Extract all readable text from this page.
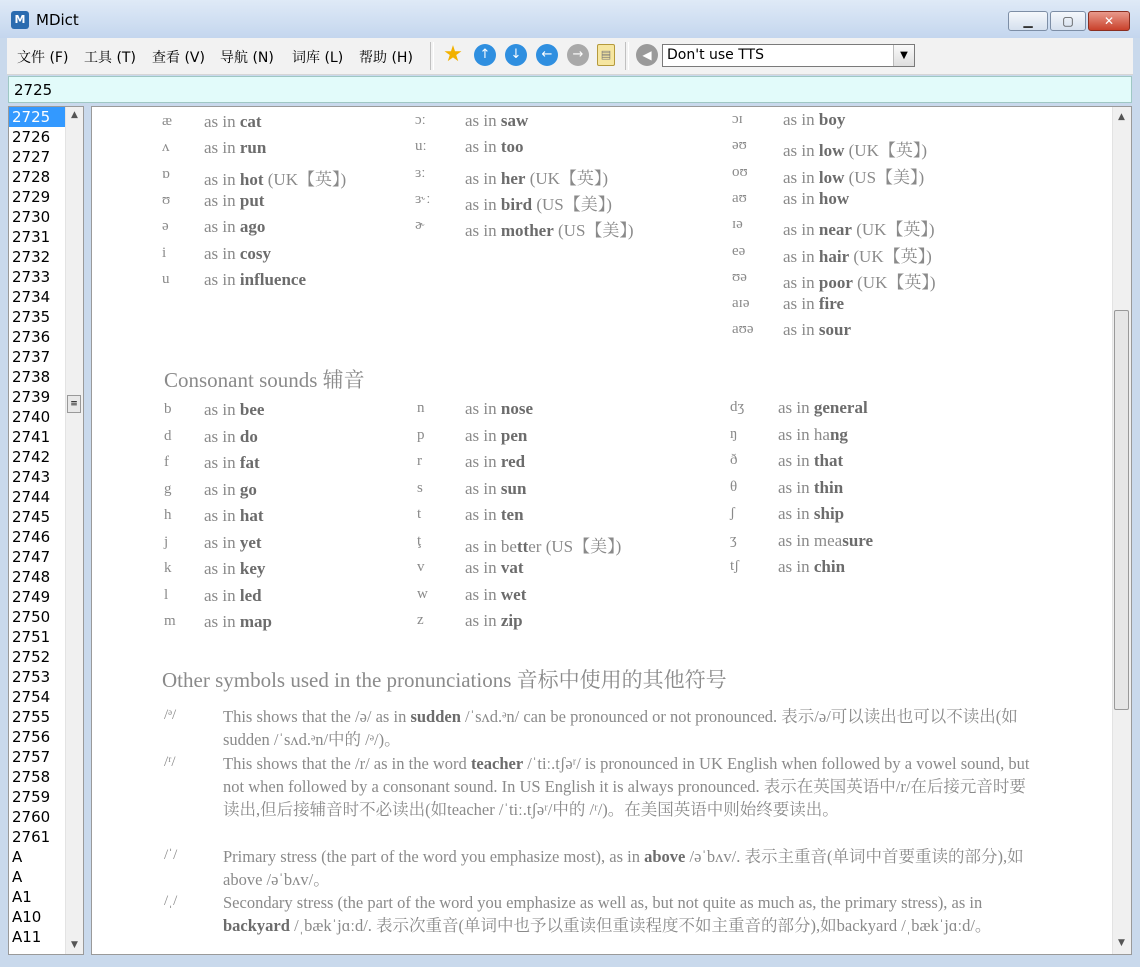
M MDict	▁	▢	✕
文件 (F) 工具 (T) 查看 (V) 导航 (N) 词库 (L) 帮助 (H) ★	↑	↓	←	→	▤	◀	Don't use TTS	▼
2725
2725
2726
2727
2728
2729
2730
2731
2732
2733
2734
2735
2736
2737
2738
2739
2740
2741
2742
2743
2744
2745
2746
2747
2748
2749
2750
2751
2752
2753
2754
2755
2756
2757
2758
2759
2760
2761
A
A
A1
A10
A11
▲
≡
▼
Consonant sounds 辅音
Other symbols used in the pronunciations 音标中使用的其他符号
æ as in cat
ʌ as in run
ɒ as in hot (UK【英】)
ʊ as in put
ə as in ago
i as in cosy
u as in influence
ɔː as in saw
uː as in too
ɜː as in her (UK【英】)
ɜ˞ː as in bird (US【美】)
ɚ as in mother (US【美】)
ɔɪ as in boy
əʊ as in low (UK【英】)
oʊ as in low (US【美】)
aʊ as in how
ɪə as in near (UK【英】)
eə as in hair (UK【英】)
ʊə as in poor (UK【英】)
aɪə as in fire
aʊə as in sour
b as in bee
d as in do
f as in fat
g as in go
h as in hat
j as in yet
k as in key
l as in led
m as in map
n as in nose
p as in pen
r	as in red
s as in sun
t	as in ten
ţ	as in better (US【美】)
v as in vat
w as in wet
z as in zip
dʒ as in general
ŋ as in hang
ð as in that
θ as in thin
ʃ	as in ship
ʒ as in measure
tʃ as in chin
/ᵊ/	This shows that the /ə/ as in sudden /ˈsʌd.ᵊn/ can be pronounced or not pronounced. 表示/ə/可以读出也可以不读出(如 sudden /ˈsʌd.ᵊn/中的 /ᵊ/)。
/ʳ/	This shows that the /r/ as in the word teacher /ˈtiː.tʃəʳ/ is pronounced in UK English when followed by a vowel sound, but not when followed by a consonant sound. In US English it is always pronounced. 表示在英国英语中/r/在后接元音时要读出,但后接辅音时不必读出(如teacher /ˈtiː.tʃəʳ/中的 /ʳ/)。在美国英语中则始终要读出。
/ˈ/	Primary stress (the part of the word you emphasize most), as in above /əˈbʌv/. 表示主重音(单词中首要重读的部分),如above /əˈbʌv/。
/ˌ/	Secondary stress (the part of the word you emphasize as well as, but not quite as much as, the primary stress), as in backyard /ˌbækˈjɑːd/. 表示次重音(单词中也予以重读但重读程度不如主重音的部分),如backyard /ˌbækˈjɑːd/。
▲
▼
